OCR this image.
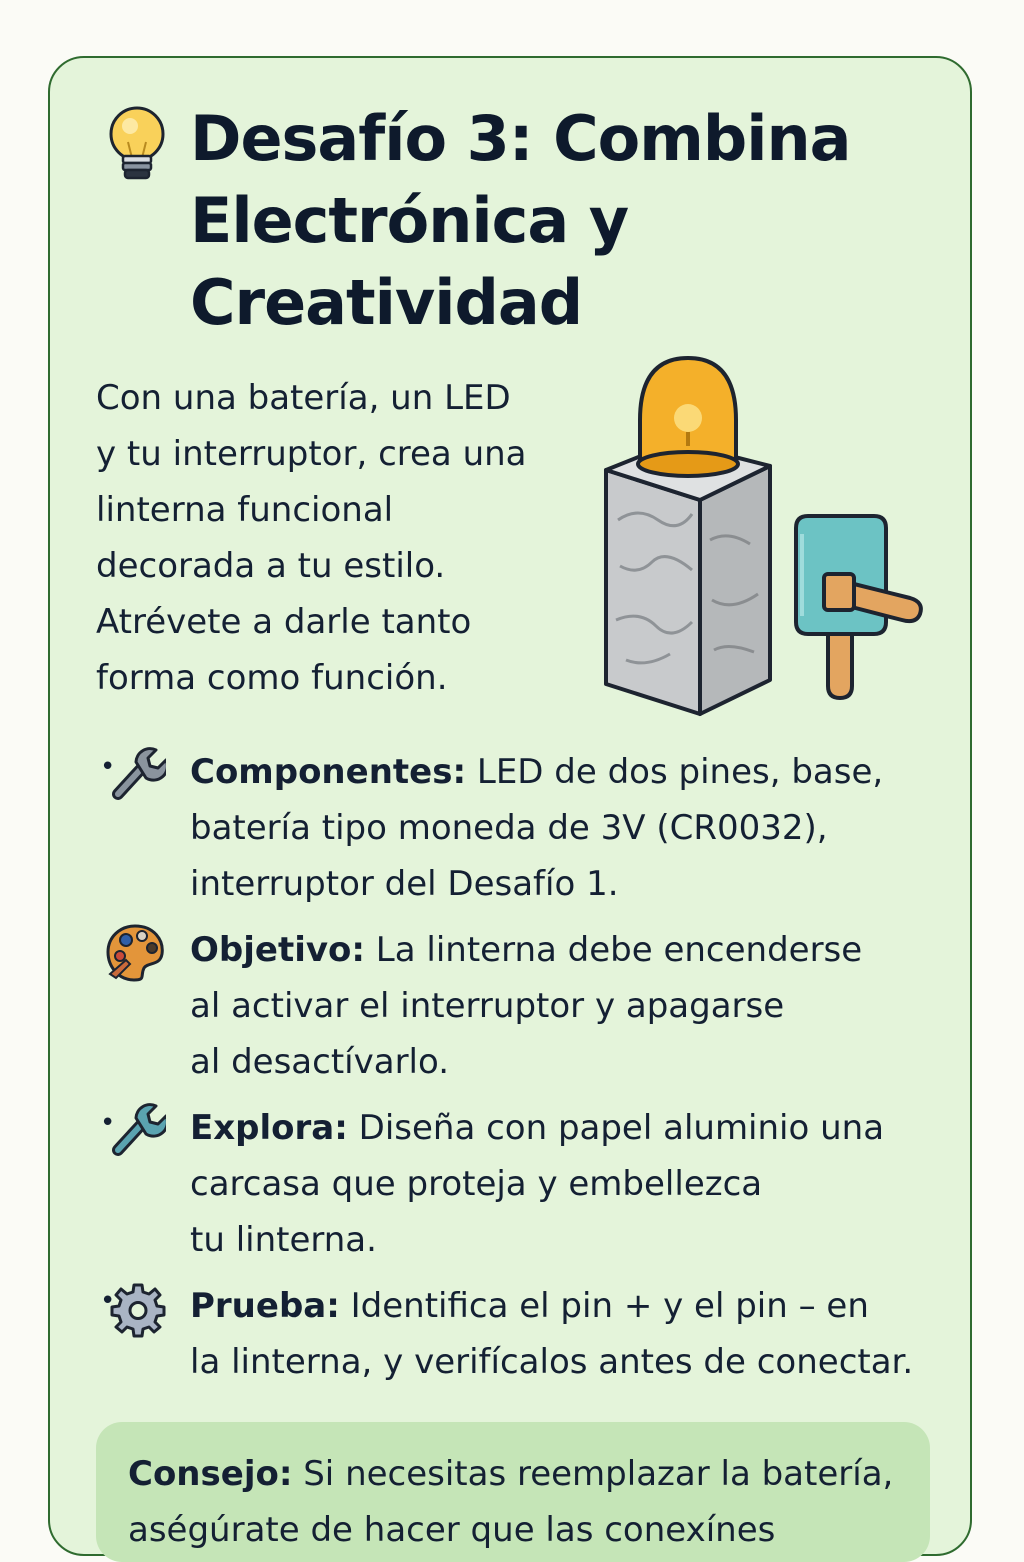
Desafío 3: Combina
Electrónica y
Creatividad

Con una batería, un LED
y tu interruptor, crea una
linterna funcional
decorada a tu estilo.
Atrévete a darle tanto
forma como función.

• Componentes: LED de dos pines, base,
batería tipo moneda de 3V (CR0032),
interruptor del Desafío 1.

Objetivo: La linterna debe encenderse
al activar el interruptor y apagarse
al desactívarlo.

• Explora: Diseña con papel aluminio una
carcasa que proteja y embellezca
tu linterna.

• Prueba: Identifica el pin + y el pin – en
la linterna, y verifícalos antes de conectar.

Consejo: Si necesitas reemplazar la batería,
aségúrate de hacer que las conexínes
